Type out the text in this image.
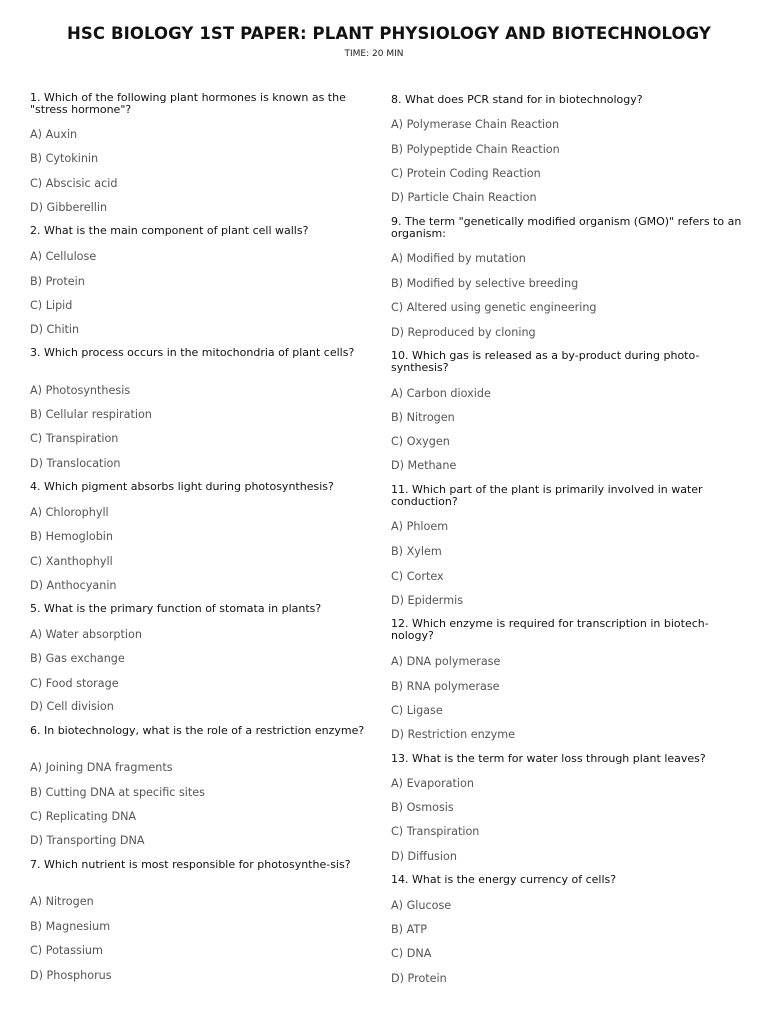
HSC BIOLOGY 1ST PAPER: PLANT PHYSIOLOGY AND BIOTECHNOLOGY
TIME: 20 MIN

1. Which of the following plant hormones is known as the "stress hormone"?

A) Auxin
B) Cytokinin
C) Abscisic acid
D) Gibberellin

2. What is the main component of plant cell walls?

A) Cellulose
B) Protein
C) Lipid
D) Chitin

3. Which process occurs in the mitochondria of plant cells?

A) Photosynthesis
B) Cellular respiration
C) Transpiration
D) Translocation

4. Which pigment absorbs light during photosynthesis?

A) Chlorophyll
B) Hemoglobin
C) Xanthophyll
D) Anthocyanin

5. What is the primary function of stomata in plants?

A) Water absorption
B) Gas exchange
C) Food storage
D) Cell division

6. In biotechnology, what is the role of a restriction enzyme?

A) Joining DNA fragments
B) Cutting DNA at specific sites
C) Replicating DNA
D) Transporting DNA

7. Which nutrient is most responsible for photosynthe-sis?

A) Nitrogen
B) Magnesium
C) Potassium
D) Phosphorus

8. What does PCR stand for in biotechnology?

A) Polymerase Chain Reaction
B) Polypeptide Chain Reaction
C) Protein Coding Reaction
D) Particle Chain Reaction

9. The term "genetically modified organism (GMO)" refers to an organism:

A) Modified by mutation
B) Modified by selective breeding
C) Altered using genetic engineering
D) Reproduced by cloning

10. Which gas is released as a by-product during photo-synthesis?

A) Carbon dioxide
B) Nitrogen
C) Oxygen
D) Methane

11. Which part of the plant is primarily involved in water conduction?

A) Phloem
B) Xylem
C) Cortex
D) Epidermis

12. Which enzyme is required for transcription in biotech-nology?

A) DNA polymerase
B) RNA polymerase
C) Ligase
D) Restriction enzyme

13. What is the term for water loss through plant leaves?

A) Evaporation
B) Osmosis
C) Transpiration
D) Diffusion

14. What is the energy currency of cells?

A) Glucose
B) ATP
C) DNA
D) Protein
